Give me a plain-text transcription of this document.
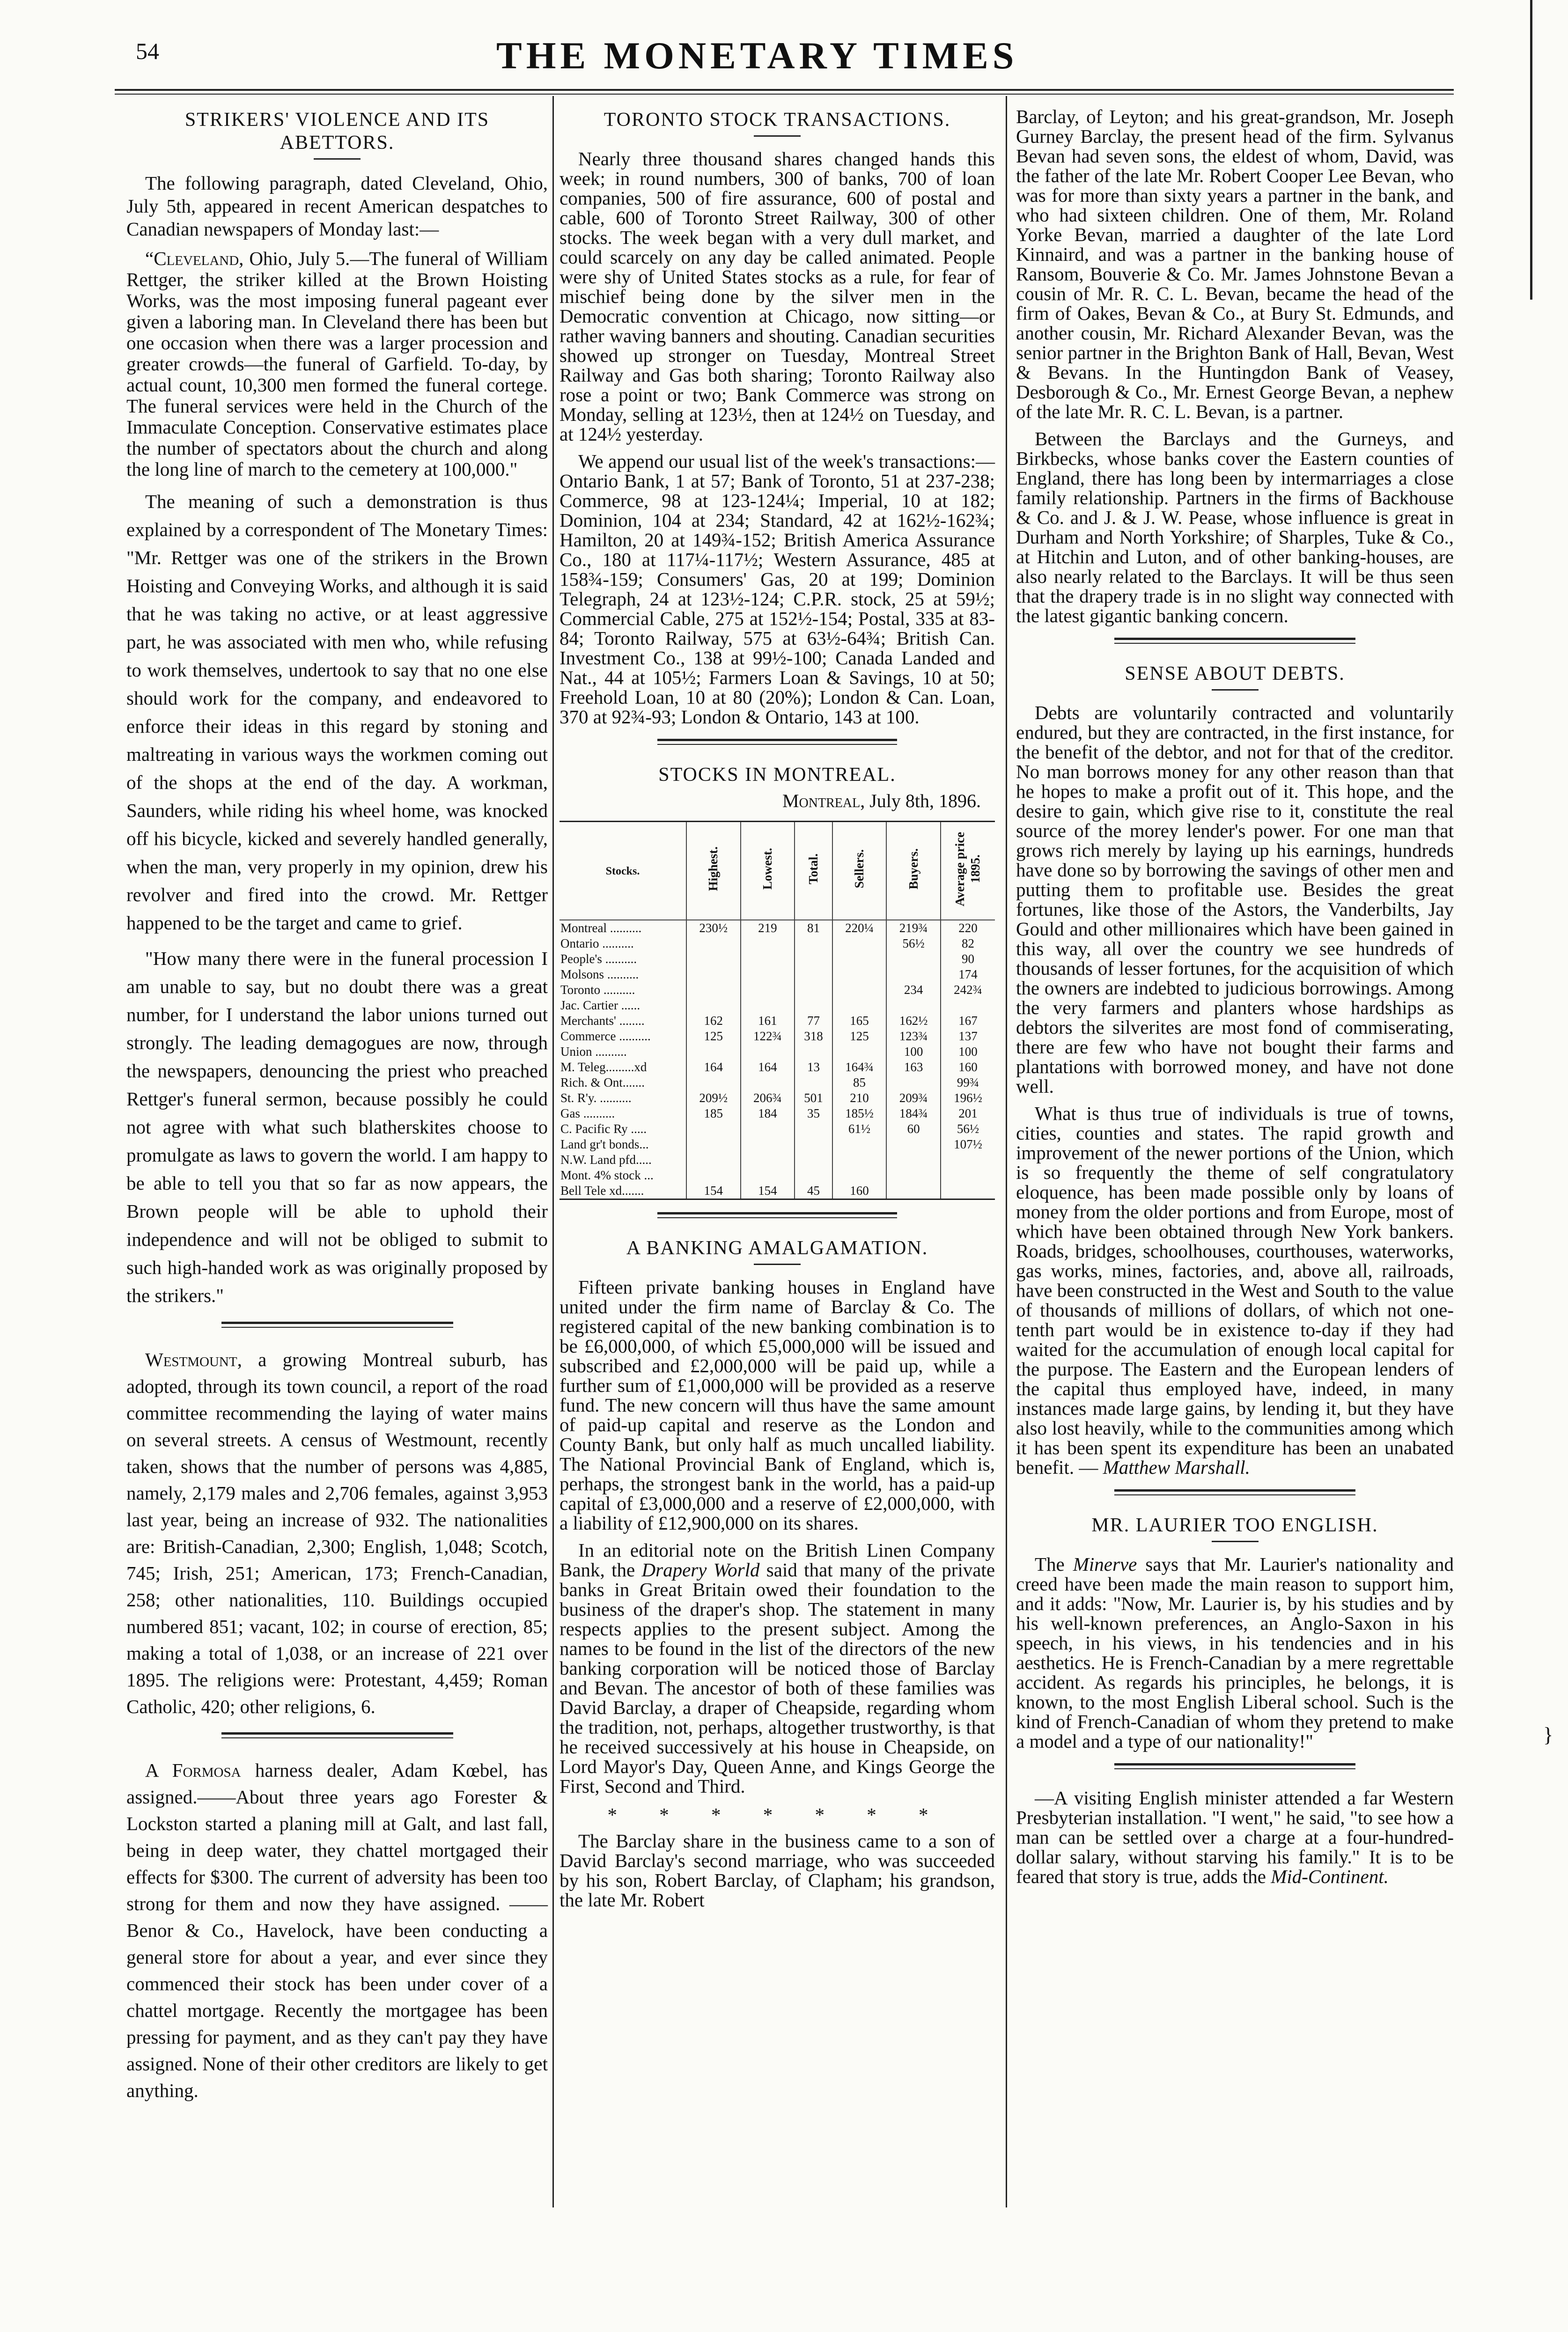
54	THE MONETARY TIMES
STRIKERS' VIOLENCE AND ITS ABETTORS.

The following paragraph, dated Cleveland, Ohio, July 5th, appeared in recent American despatches to Canadian newspapers of Monday last:—

“Cleveland, Ohio, July 5.—The funeral of William Rettger, the striker killed at the Brown Hoisting Works, was the most imposing funeral pageant ever given a laboring man. In Cleveland there has been but one occasion when there was a larger procession and greater crowds—the funeral of Garfield. To-day, by actual count, 10,300 men formed the funeral cortege. The funeral services were held in the Church of the Immaculate Conception. Conservative estimates place the number of spectators about the church and along the long line of march to the cemetery at 100,000."

The meaning of such a demonstration is thus explained by a correspondent of The Monetary Times: "Mr. Rettger was one of the strikers in the Brown Hoisting and Conveying Works, and although it is said that he was taking no active, or at least aggressive part, he was associated with men who, while refusing to work themselves, undertook to say that no one else should work for the company, and endeavored to enforce their ideas in this regard by stoning and maltreating in various ways the workmen coming out of the shops at the end of the day. A workman, Saunders, while riding his wheel home, was knocked off his bicycle, kicked and severely handled generally, when the man, very properly in my opinion, drew his revolver and fired into the crowd. Mr. Rettger happened to be the target and came to grief.

"How many there were in the funeral procession I am unable to say, but no doubt there was a great number, for I understand the labor unions turned out strongly. The leading demagogues are now, through the newspapers, denouncing the priest who preached Rettger's funeral sermon, because possibly he could not agree with what such blatherskites choose to promulgate as laws to govern the world. I am happy to be able to tell you that so far as now appears, the Brown people will be able to uphold their independence and will not be obliged to submit to such high-handed work as was originally proposed by the strikers."

Westmount, a growing Montreal suburb, has adopted, through its town council, a report of the road committee recommending the laying of water mains on several streets. A census of Westmount, recently taken, shows that the number of persons was 4,885, namely, 2,179 males and 2,706 females, against 3,953 last year, being an increase of 932. The nationalities are: British-Canadian, 2,300; English, 1,048; Scotch, 745; Irish, 251; American, 173; French-Canadian, 258; other nationalities, 110. Buildings occupied numbered 851; vacant, 102; in course of erection, 85; making a total of 1,038, or an increase of 221 over 1895. The religions were: Protestant, 4,459; Roman Catholic, 420; other religions, 6.

A Formosa harness dealer, Adam Kœbel, has assigned.——About three years ago Forester & Lockston started a planing mill at Galt, and last fall, being in deep water, they chattel mortgaged their effects for $300. The current of adversity has been too strong for them and now they have assigned. —— Benor & Co., Havelock, have been conducting a general store for about a year, and ever since they commenced their stock has been under cover of a chattel mortgage. Recently the mortgagee has been pressing for payment, and as they can't pay they have assigned. None of their other creditors are likely to get anything.

TORONTO STOCK TRANSACTIONS.

Nearly three thousand shares changed hands this week; in round numbers, 300 of banks, 700 of loan companies, 500 of fire assurance, 600 of postal and cable, 600 of Toronto Street Railway, 300 of other stocks. The week began with a very dull market, and could scarcely on any day be called animated. People were shy of United States stocks as a rule, for fear of mischief being done by the silver men in the Democratic convention at Chicago, now sitting—or rather waving banners and shouting. Canadian securities showed up stronger on Tuesday, Montreal Street Railway and Gas both sharing; Toronto Railway also rose a point or two; Bank Commerce was strong on Monday, selling at 123½, then at 124½ on Tuesday, and at 124½ yesterday.

We append our usual list of the week's transactions:—Ontario Bank, 1 at 57; Bank of Toronto, 51 at 237-238; Commerce, 98 at 123-124¼; Imperial, 10 at 182; Dominion, 104 at 234; Standard, 42 at 162½-162¾; Hamilton, 20 at 149¾-152; British America Assurance Co., 180 at 117¼-117½; Western Assurance, 485 at 158¾-159; Consumers' Gas, 20 at 199; Dominion Telegraph, 24 at 123½-124; C.P.R. stock, 25 at 59½; Commercial Cable, 275 at 152½-154; Postal, 335 at 83-84; Toronto Railway, 575 at 63½-64¾; British Can. Investment Co., 138 at 99½-100; Canada Landed and Nat., 44 at 105½; Farmers Loan & Savings, 10 at 50; Freehold Loan, 10 at 80 (20%); London & Can. Loan, 370 at 92¾-93; London & Ontario, 143 at 100.

STOCKS IN MONTREAL.
Montreal, July 8th, 1896.
Stocks.	Highest.	Lowest.	Total.	Sellers.	Buyers.	Average price 1895.
Montreal ..........	230½	219	81	220¼	219¾	220
Ontario ..........					56½	82
People's ..........						90
Molsons ..........						174
Toronto ..........					234	242¾
Jac. Cartier ......						
Merchants' ........	162	161	77	165	162½	167
Commerce ..........	125	122¾	318	125	123¾	137
Union ..........					100	100
M. Teleg.........xd	164	164	13	164¾	163	160
Rich. & Ont.......				85		99¾
St. R'y. ..........	209½	206¾	501	210	209¾	196½
Gas ..........	185	184	35	185½	184¾	201
C. Pacific Ry .....				61½	60	56½
Land gr't bonds...						107½
N.W. Land pfd.....						
Mont. 4% stock ...						
Bell Tele xd.......	154	154	45	160		
A BANKING AMALGAMATION.

Fifteen private banking houses in England have united under the firm name of Barclay & Co. The registered capital of the new banking combination is to be £6,000,000, of which £5,000,000 will be issued and subscribed and £2,000,000 will be paid up, while a further sum of £1,000,000 will be provided as a reserve fund. The new concern will thus have the same amount of paid-up capital and reserve as the London and County Bank, but only half as much uncalled liability. The National Provincial Bank of England, which is, perhaps, the strongest bank in the world, has a paid-up capital of £3,000,000 and a reserve of £2,000,000, with a liability of £12,900,000 on its shares.

In an editorial note on the British Linen Company Bank, the Drapery World said that many of the private banks in Great Britain owed their foundation to the business of the draper's shop. The statement in many respects applies to the present subject. Among the names to be found in the list of the directors of the new banking corporation will be noticed those of Barclay and Bevan. The ancestor of both of these families was David Barclay, a draper of Cheapside, regarding whom the tradition, not, perhaps, altogether trustworthy, is that he received successively at his house in Cheapside, on Lord Mayor's Day, Queen Anne, and Kings George the First, Second and Third.

* * * * * * *

The Barclay share in the business came to a son of David Barclay's second marriage, who was succeeded by his son, Robert Barclay, of Clapham; his grandson, the late Mr. Robert

Barclay, of Leyton; and his great-grandson, Mr. Joseph Gurney Barclay, the present head of the firm. Sylvanus Bevan had seven sons, the eldest of whom, David, was the father of the late Mr. Robert Cooper Lee Bevan, who was for more than sixty years a partner in the bank, and who had sixteen children. One of them, Mr. Roland Yorke Bevan, married a daughter of the late Lord Kinnaird, and was a partner in the banking house of Ransom, Bouverie & Co. Mr. James Johnstone Bevan a cousin of Mr. R. C. L. Bevan, became the head of the firm of Oakes, Bevan & Co., at Bury St. Edmunds, and another cousin, Mr. Richard Alexander Bevan, was the senior partner in the Brighton Bank of Hall, Bevan, West & Bevans. In the Huntingdon Bank of Veasey, Desborough & Co., Mr. Ernest George Bevan, a nephew of the late Mr. R. C. L. Bevan, is a partner.

Between the Barclays and the Gurneys, and Birkbecks, whose banks cover the Eastern counties of England, there has long been by intermarriages a close family relationship. Partners in the firms of Backhouse & Co. and J. & J. W. Pease, whose influence is great in Durham and North Yorkshire; of Sharples, Tuke & Co., at Hitchin and Luton, and of other banking-houses, are also nearly related to the Barclays. It will be thus seen that the drapery trade is in no slight way connected with the latest gigantic banking concern.

SENSE ABOUT DEBTS.

Debts are voluntarily contracted and voluntarily endured, but they are contracted, in the first instance, for the benefit of the debtor, and not for that of the creditor. No man borrows money for any other reason than that he hopes to make a profit out of it. This hope, and the desire to gain, which give rise to it, constitute the real source of the morey lender's power. For one man that grows rich merely by laying up his earnings, hundreds have done so by borrowing the savings of other men and putting them to profitable use. Besides the great fortunes, like those of the Astors, the Vanderbilts, Jay Gould and other millionaires which have been gained in this way, all over the country we see hundreds of thousands of lesser fortunes, for the acquisition of which the owners are indebted to judicious borrowings. Among the very farmers and planters whose hardships as debtors the silverites are most fond of commiserating, there are few who have not bought their farms and plantations with borrowed money, and have not done well.

What is thus true of individuals is true of towns, cities, counties and states. The rapid growth and improvement of the newer portions of the Union, which is so frequently the theme of self congratulatory eloquence, has been made possible only by loans of money from the older portions and from Europe, most of which have been obtained through New York bankers. Roads, bridges, schoolhouses, courthouses, waterworks, gas works, mines, factories, and, above all, railroads, have been constructed in the West and South to the value of thousands of millions of dollars, of which not one-tenth part would be in existence to-day if they had waited for the accumulation of enough local capital for the purpose. The Eastern and the European lenders of the capital thus employed have, indeed, in many instances made large gains, by lending it, but they have also lost heavily, while to the communities among which it has been spent its expenditure has been an unabated benefit. — Matthew Marshall.

MR. LAURIER TOO ENGLISH.

The Minerve says that Mr. Laurier's nationality and creed have been made the main reason to support him, and it adds: "Now, Mr. Laurier is, by his studies and by his well-known preferences, an Anglo-Saxon in his speech, in his views, in his tendencies and in his aesthetics. He is French-Canadian by a mere regrettable accident. As regards his principles, he belongs, it is known, to the most English Liberal school. Such is the kind of French-Canadian of whom they pretend to make a model and a type of our nationality!"

—A visiting English minister attended a far Western Presbyterian installation. "I went," he said, "to see how a man can be settled over a charge at a four-hundred-dollar salary, without starving his family." It is to be feared that story is true, adds the Mid-Continent.

}
